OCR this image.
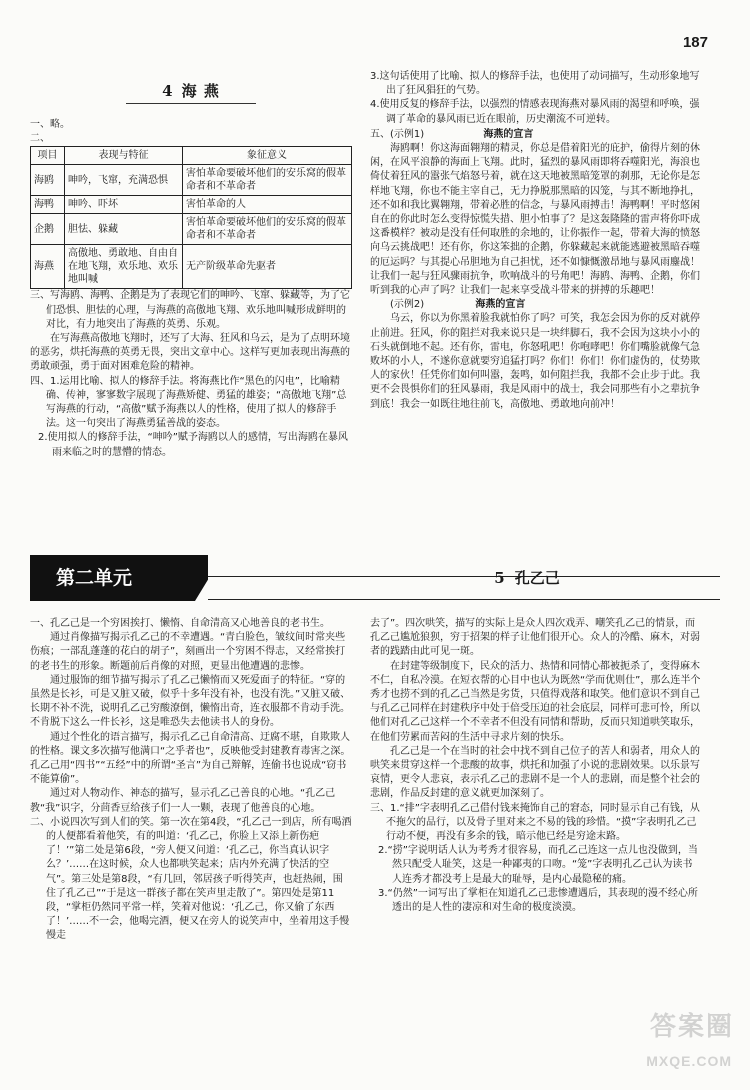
187
4 海 燕

一、略。

二、

项目	表现与特征	象征意义
海鸥	呻吟，飞窜，充满恐惧	害怕革命要破坏他们的安乐窝的假革命者和不革命者
海鸭	呻吟、吓坏	害怕革命的人
企鹅	胆怯、躲藏	害怕革命要破坏他们的安乐窝的假革命者和不革命者
海燕	高傲地、勇敢地、自由自在地飞翔，欢乐地、欢乐地叫喊	无产阶级革命先驱者

三、写海鸥、海鸭、企鹅是为了表现它们的呻吟、飞窜、躲藏等，为了它们恐惧、胆怯的心理，与海燕的高傲地飞翔、欢乐地叫喊形成鲜明的对比，有力地突出了海燕的英勇、乐观。

在写海燕高傲地飞翔时，还写了大海、狂风和乌云，是为了点明环境的恶劣，烘托海燕的英勇无畏，突出文章中心。这样写更加表现出海燕的勇敢顽强，勇于面对困难危险的精神。

四、1.运用比喻、拟人的修辞手法。将海燕比作“黑色的闪电”，比喻精确、传神，寥寥数字展现了海燕矫健、勇猛的雄姿；“高傲地飞翔”总写海燕的行动，“高傲”赋予海燕以人的性格，使用了拟人的修辞手法。这一句突出了海燕勇猛善战的姿态。

2.使用拟人的修辞手法，“呻吟”赋予海鸥以人的感情，写出海鸥在暴风雨来临之时的慧懵的情态。

3.这句话使用了比喻、拟人的修辞手法，也使用了动词描写，生动形象地写出了狂风猖狂的气势。

4.使用反复的修辞手法，以强烈的情感表现海燕对暴风雨的渴望和呼唤，强调了革命的暴风雨已近在眼前，历史潮流不可逆转。

五、(示例1)	海燕的宣言

海鸥啊！你这海面翱翔的精灵，你总是借着阳光的庇护，偷得片刻的休闲，在风平浪静的海面上飞翔。此时，猛烈的暴风雨即将吞噬阳光，海浪也倚仗着狂风的嚣张气焰怒号着，就在这天地被黑暗笼罩的刹那，无论你是怎样地飞翔，你也不能主宰自己，无力挣脱那黑暗的囚笼，与其不断地挣扎，还不如和我比翼翱翔，带着必胜的信念，与暴风雨搏击！海鸭啊！平时悠闲自在的你此时怎么变得惊慌失措、胆小怕事了？是这轰隆隆的雷声将你吓成这番模样？被动是没有任何取胜的余地的，让你振作一起，带着大海的愤怒向乌云挑战吧！还有你，你这笨拙的企鹅，你躲藏起来就能逃避被黑暗吞噬的厄运吗？与其提心吊胆地为自己担忧，还不如慷慨激昂地与暴风雨鏖战！让我们一起与狂风骤雨抗争，吹响战斗的号角吧！海鸥、海鸭、企鹅，你们听到我的心声了吗？让我们一起来享受战斗带来的拼搏的乐趣吧！

(示例2)	海燕的宣言

乌云，你以为你黑着脸我就怕你了吗？可笑，我怎会因为你的反对就停止前进。狂风，你的阻拦对我来说只是一块绊脚石，我不会因为这块小小的石头就倒地不起。还有你，雷电，你怒吼吧！你咆哮吧！你们嘴脸就像气急败坏的小人，不遂你意就要穷追猛打吗？你们！你们！你们虚伪的，仗势欺人的家伙！任凭你们如何叫嚣，轰鸣，如何阻拦我，我都不会止步于此。我更不会畏惧你们的狂风暴雨，我是风雨中的战士，我会同那些有小之辈抗争到底！我会一如既往地往前飞，高傲地、勇敢地向前冲！

第二单元	5 孔乙己

一、孔乙己是一个穷困挨打、懒惰、自命清高又心地善良的老书生。

通过肖像描写揭示孔乙己的不幸遭遇。“青白脸色，皱纹间时常夹些伤痕；一部乱蓬蓬的花白的胡子”，刻画出一个穷困不得志，又经常挨打的老书生的形象。断题前后肖像的对照，更显出他遭遇的悲惨。

通过服饰的细节描写揭示了孔乙己懒惰而又死爱面子的特征。“穿的虽然是长衫，可是又脏又破，似乎十多年没有补，也没有洗。”又脏又破、长期不补不洗，说明孔乙己穷酸潦倒，懒惰出奇，连衣服都不肯动手洗。不肯脱下这么一件长衫，这是唯恐失去他读书人的身份。

通过个性化的语言描写，揭示孔乙己自命清高、迂腐不堪，自欺欺人的性格。课文多次描写他满口“之乎者也”，反映他受封建教育毒害之深。孔乙己用“四书”“五经”中的所谓“圣言”为自己辩解，连偷书也说成“窃书不能算偷”。

通过对人物动作、神态的描写，显示孔乙己善良的心地。“孔乙己教“我”识字，分茴香豆给孩子们一人一颗，表现了他善良的心地。

二、小说四次写到人们的笑。第一次在第4段，“孔乙己一到店，所有喝酒的人便都看着他笑，有的叫道：‘孔乙己，你脸上又添上新伤疤了！’”第二处是第6段，“旁人便又问道：‘孔乙己，你当真认识字么？’……在这时候，众人也都哄笑起来；店内外充满了快活的空气”。第三处是第8段，“有几回，邻居孩子听得笑声，也赶热闹，围住了孔乙己”“于是这一群孩子都在笑声里走散了”。第四处是第11段，“掌柜仍然同平常一样，笑着对他说：‘孔乙己，你又偷了东西了！’……不一会，他喝完酒，便又在旁人的说笑声中，坐着用这手慢慢走

去了”。四次哄笑，描写的实际上是众人四次戏弄、嘲笑孔乙己的情景，而孔乙己尴尬狼狈，穷于招架的样子让他们很开心。众人的冷酷、麻木，对弱者的践踏由此可见一斑。

在封建等级制度下，民众的活力、热情和同情心都被扼杀了，变得麻木不仁，自私冷漠。在短衣帮的心目中也认为既然“学而优则仕”，那么连半个秀才也捞不到的孔乙己当然是劣货，只值得戏落和取笑。他们意识不到自己与孔乙己同样在封建秩序中处于倍受压迫的社会底层，同样可悲可怜，所以他们对孔乙己这样一个不幸者不但没有同情和帮助，反而只知道哄笑取乐，在他们劳累而苦闷的生活中寻求片刻的快乐。

孔乙己是一个在当时的社会中找不到自己位子的苦人和弱者，用众人的哄笑来贯穿这样一个悲酸的故事，烘托和加强了小说的悲剧效果。以乐景写哀情，更令人悲哀，表示孔乙己的悲剧不是一个人的悲剧，而是整个社会的悲剧，作品反封建的意义就更加深刻了。

三、1.“排”字表明孔乙己借付钱来掩饰自己的窘态，同时显示自己有钱，从不拖欠的品行，以及骨子里对来之不易的钱的珍惜。“摸”字表明孔乙己行动不便，再没有多余的钱，暗示他已经是穷途末路。

2.“捞”字说明话人认为考秀才很容易，而孔乙己连这一点儿也没做到，当然只配受人耻笑，这是一种鄙夷的口吻。“笼”字表明孔乙己认为读书人连秀才都没考上是最大的耻辱，是内心最隐秘的痛。

3.“仍然”一词写出了掌柜在知道孔乙己悲惨遭遇后，其表现的漫不经心所透出的是人性的凄凉和对生命的极度淡漠。

答案圈
MXQE.COM
